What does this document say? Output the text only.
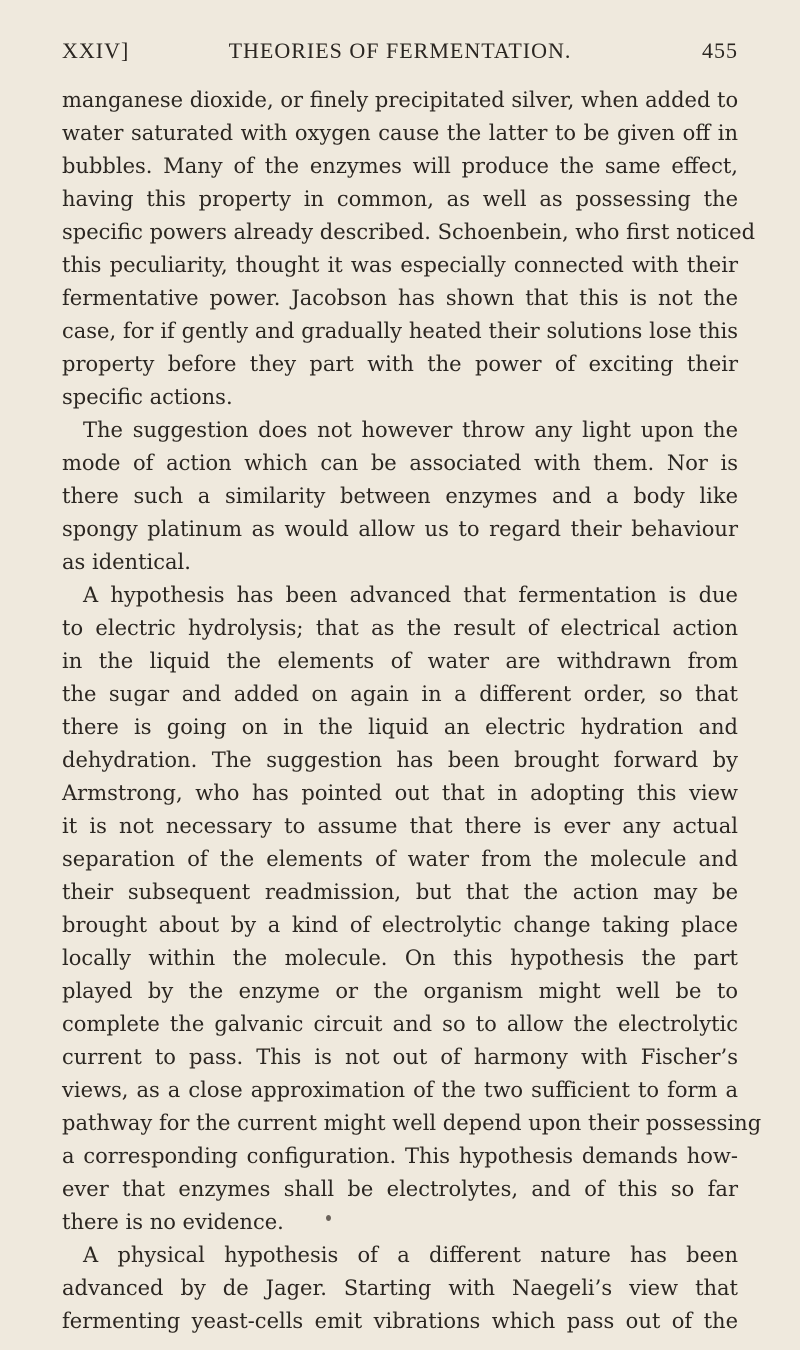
XXIV]	THEORIES OF FERMENTATION.	455
manganese dioxide, or finely precipitated silver, when added to
water saturated with oxygen cause the latter to be given off in
bubbles. Many of the enzymes will produce the same effect,
having this property in common, as well as possessing the
specific powers already described. Schoenbein, who first noticed
this peculiarity, thought it was especially connected with their
fermentative power. Jacobson has shown that this is not the
case, for if gently and gradually heated their solutions lose this
property before they part with the power of exciting their
specific actions.
The suggestion does not however throw any light upon the
mode of action which can be associated with them. Nor is
there such a similarity between enzymes and a body like
spongy platinum as would allow us to regard their behaviour
as identical.
A hypothesis has been advanced that fermentation is due
to electric hydrolysis; that as the result of electrical action
in the liquid the elements of water are withdrawn from
the sugar and added on again in a different order, so that
there is going on in the liquid an electric hydration and
dehydration. The suggestion has been brought forward by
Armstrong, who has pointed out that in adopting this view
it is not necessary to assume that there is ever any actual
separation of the elements of water from the molecule and
their subsequent readmission, but that the action may be
brought about by a kind of electrolytic change taking place
locally within the molecule. On this hypothesis the part
played by the enzyme or the organism might well be to
complete the galvanic circuit and so to allow the electrolytic
current to pass. This is not out of harmony with Fischer’s
views, as a close approximation of the two sufficient to form a
pathway for the current might well depend upon their possessing
a corresponding configuration. This hypothesis demands how-
ever that enzymes shall be electrolytes, and of this so far
there is no evidence.
A physical hypothesis of a different nature has been
advanced by de Jager. Starting with Naegeli’s view that
fermenting yeast-cells emit vibrations which pass out of the
